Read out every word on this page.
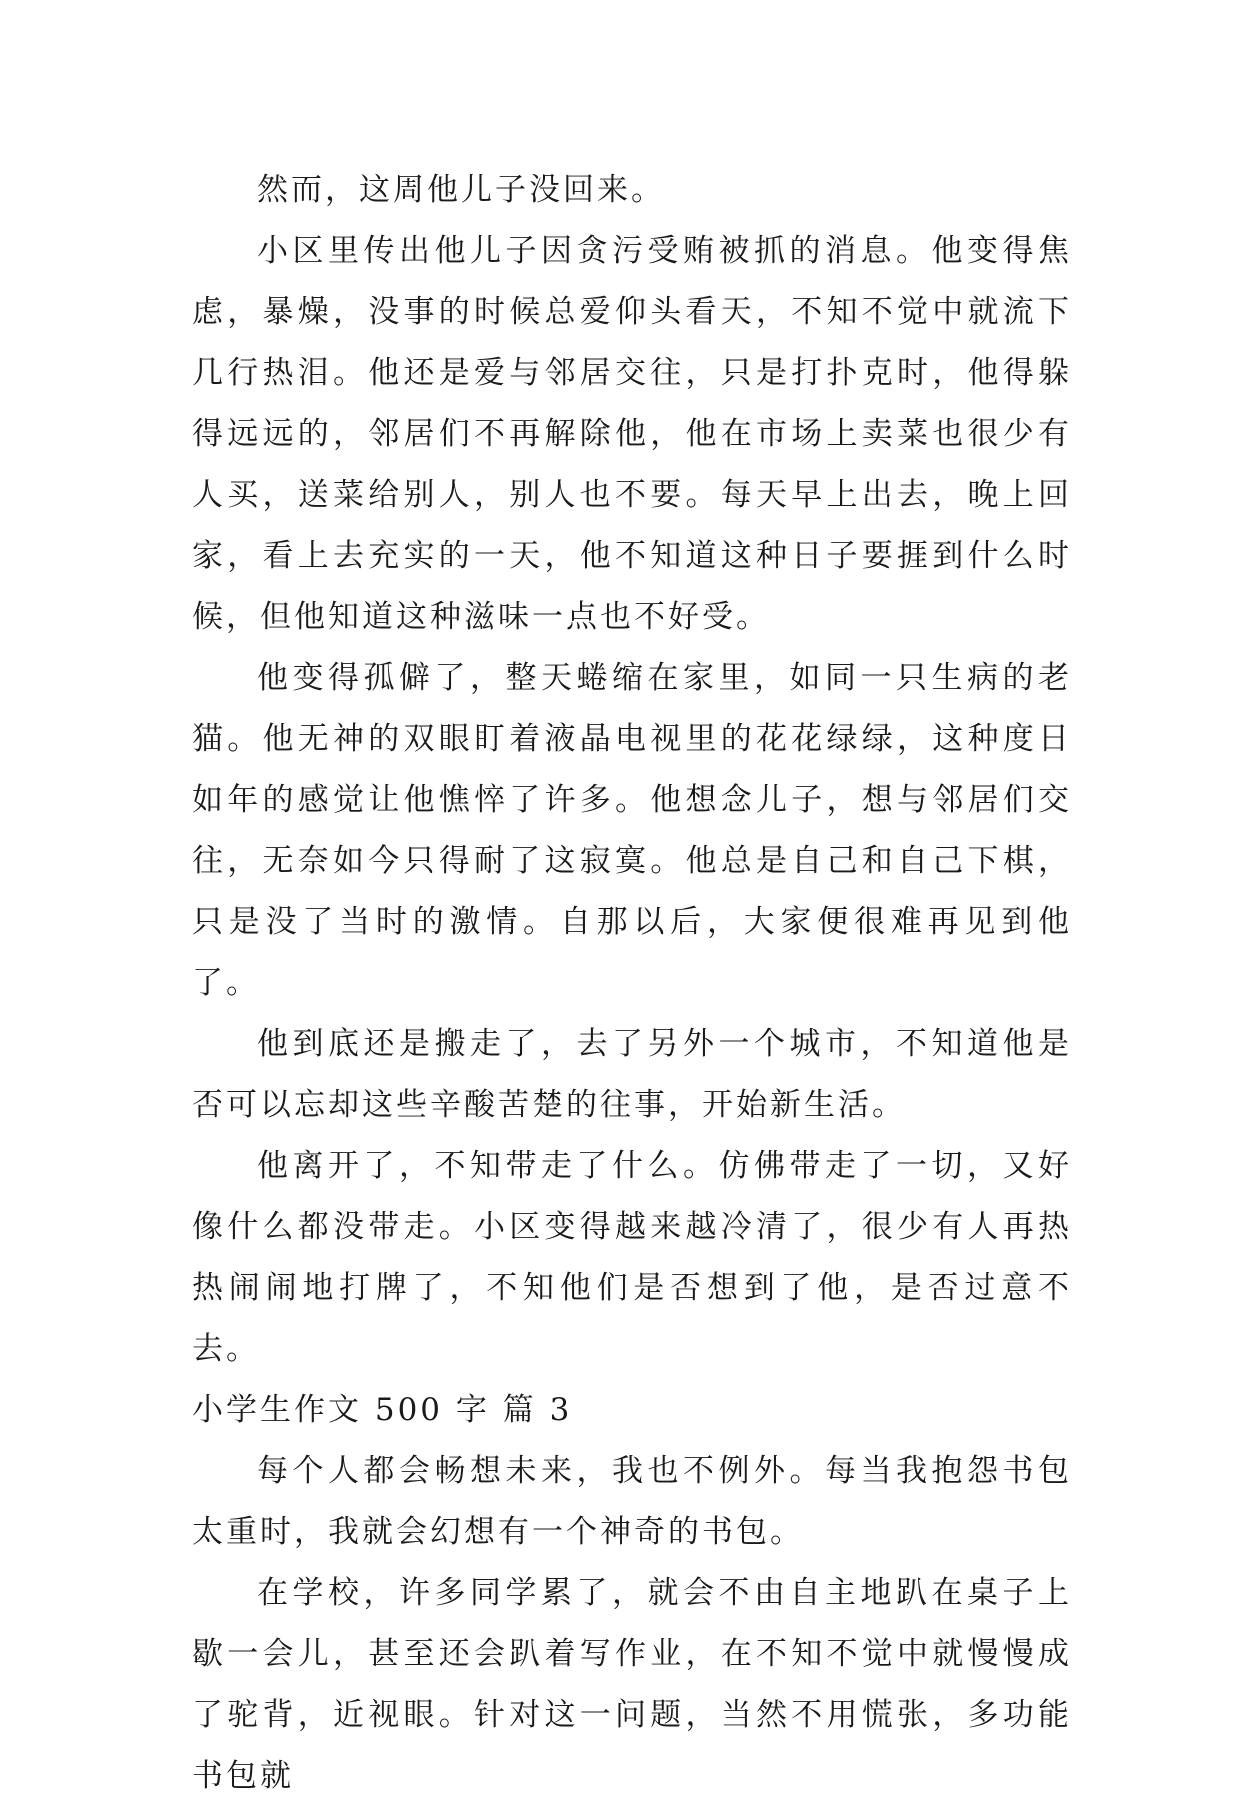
然而，这周他儿子没回来。

小区里传出他儿子因贪污受贿被抓的消息。他变得焦虑，暴燥，没事的时候总爱仰头看天，不知不觉中就流下几行热泪。他还是爱与邻居交往，只是打扑克时，他得躲得远远的，邻居们不再解除他，他在市场上卖菜也很少有人买，送菜给别人，别人也不要。每天早上出去，晚上回家，看上去充实的一天，他不知道这种日子要捱到什么时候，但他知道这种滋味一点也不好受。

他变得孤僻了，整天蜷缩在家里，如同一只生病的老猫。他无神的双眼盯着液晶电视里的花花绿绿，这种度日如年的感觉让他憔悴了许多。他想念儿子，想与邻居们交往，无奈如今只得耐了这寂寞。他总是自己和自己下棋，只是没了当时的激情。自那以后，大家便很难再见到他了。

他到底还是搬走了，去了另外一个城市，不知道他是否可以忘却这些辛酸苦楚的往事，开始新生活。

他离开了，不知带走了什么。仿佛带走了一切，又好像什么都没带走。小区变得越来越冷清了，很少有人再热热闹闹地打牌了，不知他们是否想到了他，是否过意不去。

小学生作文 500 字 篇 3

每个人都会畅想未来，我也不例外。每当我抱怨书包太重时，我就会幻想有一个神奇的书包。

在学校，许多同学累了，就会不由自主地趴在桌子上歇一会儿，甚至还会趴着写作业，在不知不觉中就慢慢成了驼背，近视眼。针对这一问题，当然不用慌张，多功能书包就
